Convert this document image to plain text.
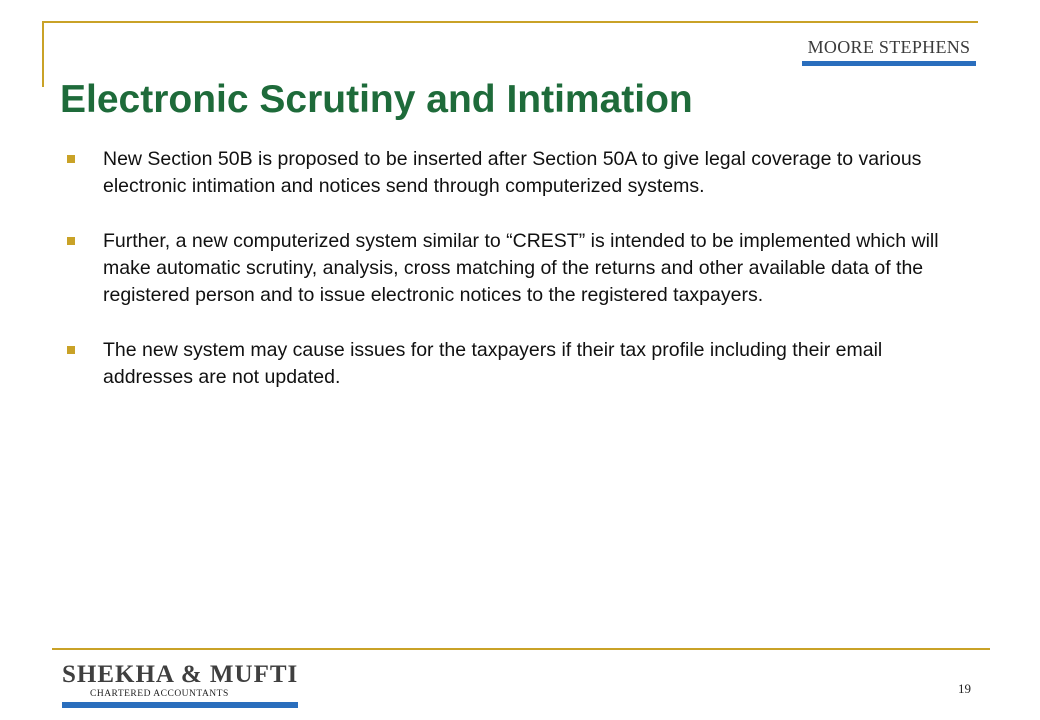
MOORE STEPHENS
Electronic Scrutiny and Intimation
New Section 50B is proposed to be inserted after Section 50A to give legal coverage to various electronic intimation and notices send through computerized systems.
Further, a new computerized system similar to “CREST” is intended to be implemented which will make automatic scrutiny, analysis, cross matching of the returns and other available data of the registered person and to issue electronic notices to the registered taxpayers.
The new system may cause issues for the taxpayers if their tax profile including their email addresses are not updated.
SHEKHA & MUFTI
CHARTERED ACCOUNTANTS	19
